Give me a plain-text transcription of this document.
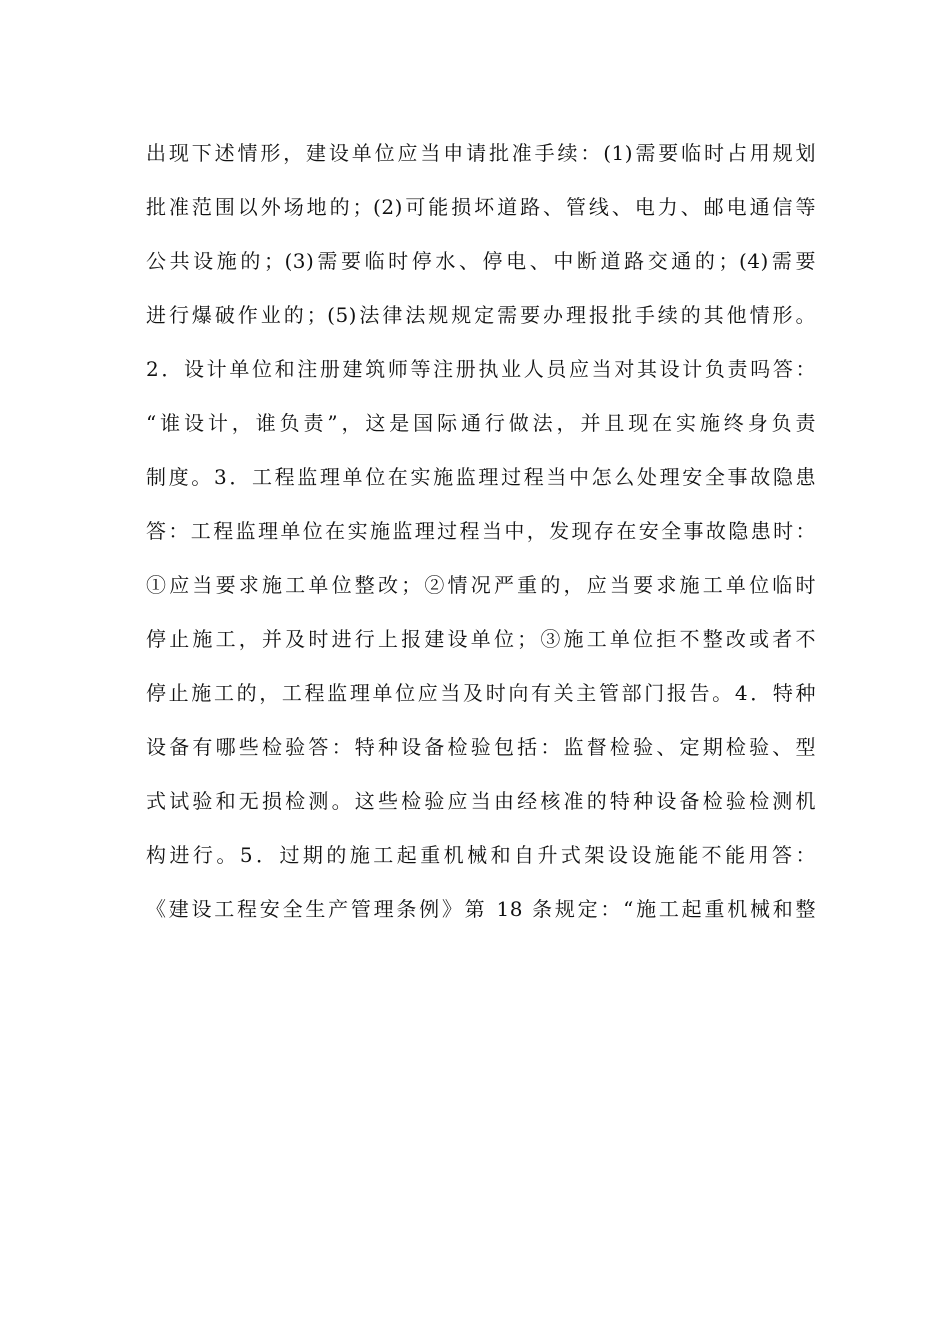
出现下述情形，建设单位应当申请批准手续：(1)需要临时占用规划
批准范围以外场地的；(2)可能损坏道路、管线、电力、邮电通信等
公共设施的；(3)需要临时停水、停电、中断道路交通的；(4)需要
进行爆破作业的；(5)法律法规规定需要办理报批手续的其他情形。
2．设计单位和注册建筑师等注册执业人员应当对其设计负责吗答：
“谁设计，谁负责”，这是国际通行做法，并且现在实施终身负责
制度。3．工程监理单位在实施监理过程当中怎么处理安全事故隐患
答：工程监理单位在实施监理过程当中，发现存在安全事故隐患时：
①应当要求施工单位整改；②情况严重的，应当要求施工单位临时
停止施工，并及时进行上报建设单位；③施工单位拒不整改或者不
停止施工的，工程监理单位应当及时向有关主管部门报告。4．特种
设备有哪些检验答：特种设备检验包括：监督检验、定期检验、型
式试验和无损检测。这些检验应当由经核准的特种设备检验检测机
构进行。5．过期的施工起重机械和自升式架设设施能不能用答：
《建设工程安全生产管理条例》第 18 条规定：“施工起重机械和整
